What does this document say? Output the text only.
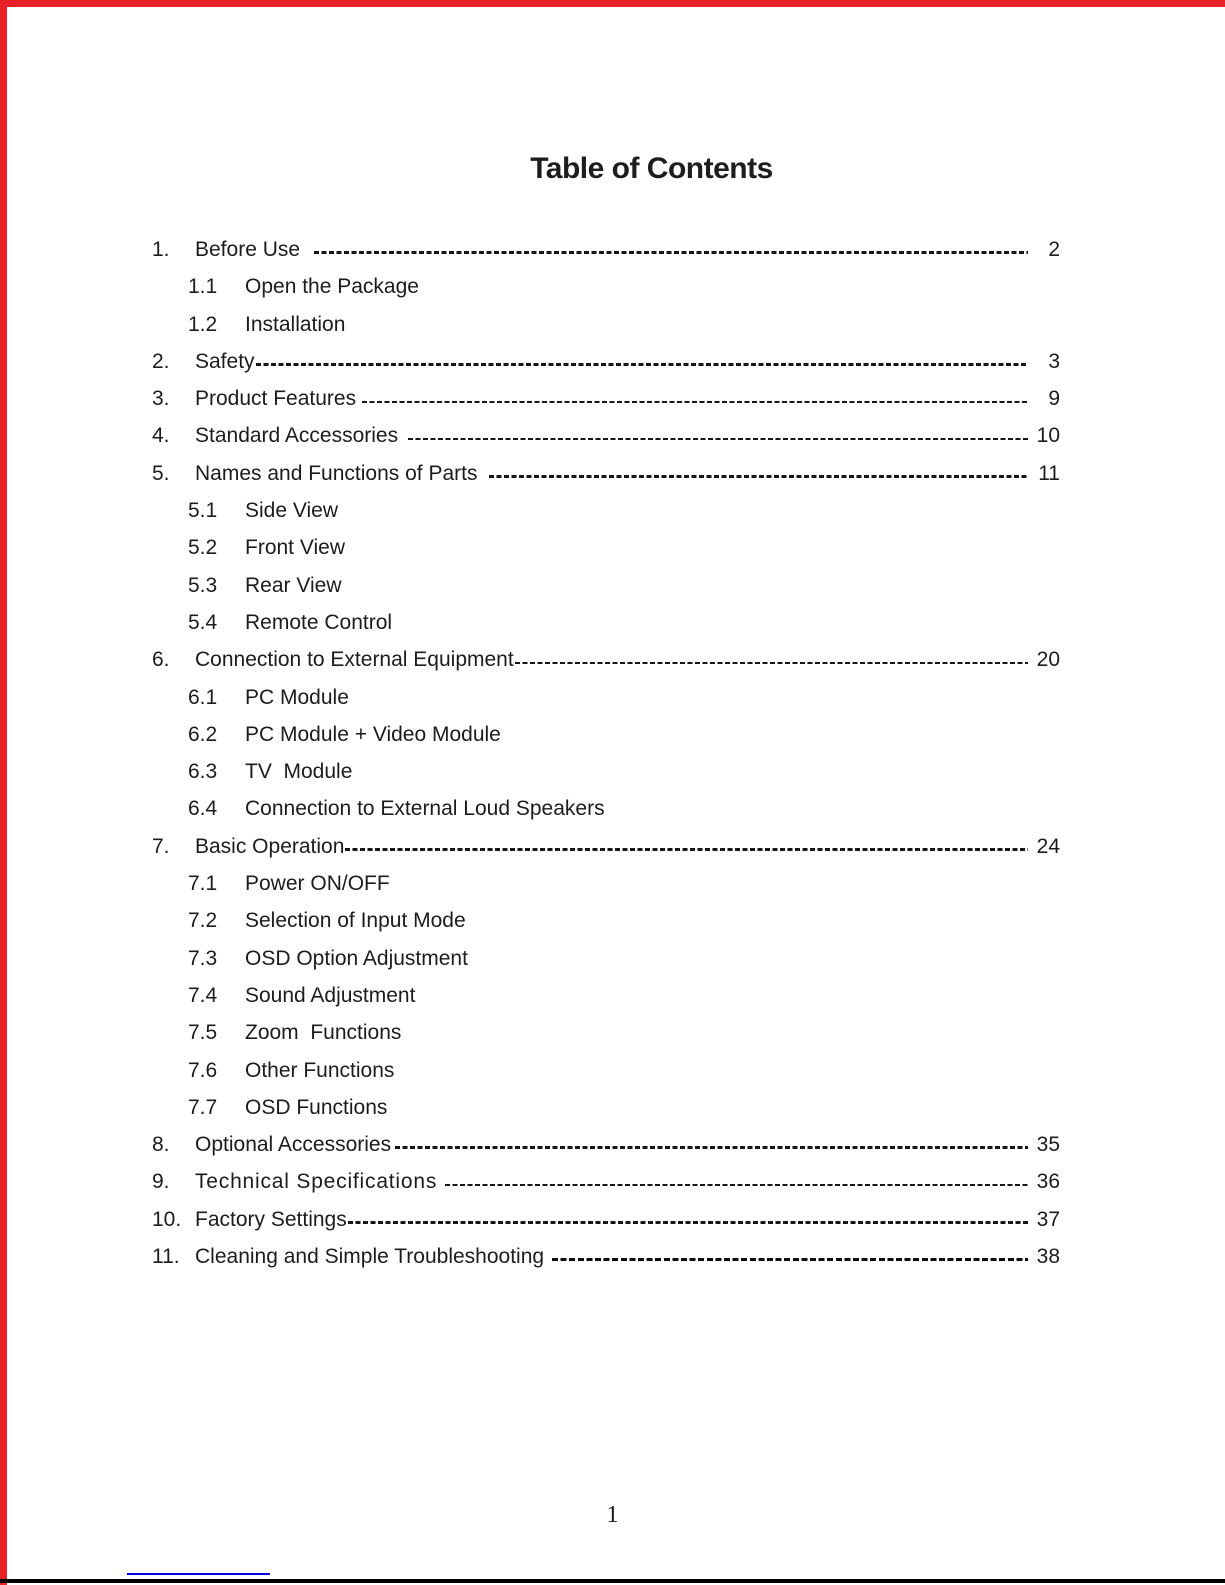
Table of Contents
1.	Before Use	2
1.1	Open the Package
1.2	Installation
2.	Safety	3
3.	Product Features	9
4.	Standard Accessories	10
5.	Names and Functions of Parts	11
5.1	Side View
5.2	Front View
5.3	Rear View
5.4	Remote Control
6.	Connection to External Equipment	20
6.1	PC Module
6.2	PC Module + Video Module
6.3	TV  Module
6.4	Connection to External Loud Speakers
7.	Basic Operation	24
7.1	Power ON/OFF
7.2	Selection of Input Mode
7.3	OSD Option Adjustment
7.4	Sound Adjustment
7.5	Zoom  Functions
7.6	Other Functions
7.7	OSD Functions
8.	Optional Accessories	35
9.	Technical Specifications	36
10. Factory Settings	37
11. Cleaning and Simple Troubleshooting	38
1
